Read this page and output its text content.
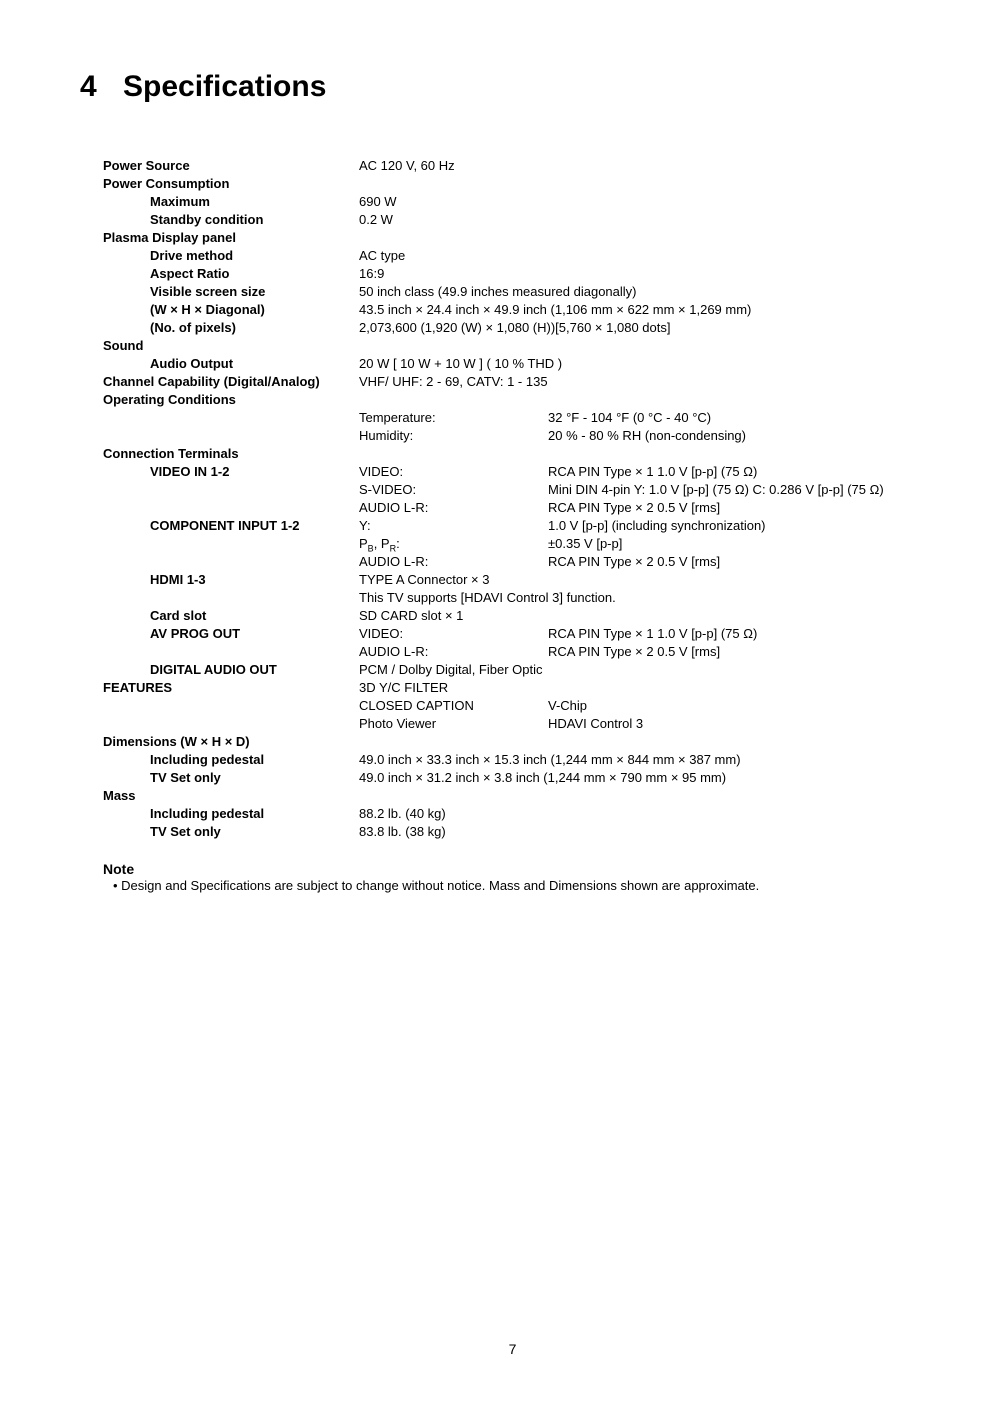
4 Specifications
Power Source	AC 120 V, 60 Hz
Power Consumption
Maximum	690 W
Standby condition	0.2 W
Plasma Display panel
Drive method	AC type
Aspect Ratio	16:9
Visible screen size	50 inch class (49.9 inches measured diagonally)
(W × H × Diagonal)	43.5 inch × 24.4 inch × 49.9 inch (1,106 mm × 622 mm × 1,269 mm)
(No. of pixels)	2,073,600 (1,920 (W) × 1,080 (H))[5,760 × 1,080 dots]
Sound
Audio Output	20 W [ 10 W + 10 W ] ( 10 % THD )
Channel Capability (Digital/Analog)	VHF/ UHF: 2 - 69, CATV: 1 - 135
Operating Conditions
Temperature:	32 °F - 104 °F (0 °C - 40 °C)
Humidity:	20 % - 80 % RH (non-condensing)
Connection Terminals
VIDEO IN 1-2	VIDEO:	RCA PIN Type × 1 1.0 V [p-p] (75 Ω)
S-VIDEO:	Mini DIN 4-pin Y: 1.0 V [p-p] (75 Ω) C: 0.286 V [p-p] (75 Ω)
AUDIO L-R:	RCA PIN Type × 2 0.5 V [rms]
COMPONENT INPUT 1-2	Y:	1.0 V [p-p] (including synchronization)
$P_B$, $P_R$:	±0.35 V [p-p]
AUDIO L-R:	RCA PIN Type × 2 0.5 V [rms]
HDMI 1-3	TYPE A Connector × 3
This TV supports [HDAVI Control 3] function.
Card slot	SD CARD slot × 1
AV PROG OUT	VIDEO:	RCA PIN Type × 1 1.0 V [p-p] (75 Ω)
AUDIO L-R:	RCA PIN Type × 2 0.5 V [rms]
DIGITAL AUDIO OUT	PCM / Dolby Digital, Fiber Optic
FEATURES	3D Y/C FILTER
CLOSED CAPTION	V-Chip
Photo Viewer	HDAVI Control 3
Dimensions (W × H × D)
Including pedestal	49.0 inch × 33.3 inch × 15.3 inch (1,244 mm × 844 mm × 387 mm)
TV Set only	49.0 inch × 31.2 inch × 3.8 inch (1,244 mm × 790 mm × 95 mm)
Mass
Including pedestal	88.2 lb. (40 kg)
TV Set only	83.8 lb. (38 kg)
Note
• Design and Specifications are subject to change without notice. Mass and Dimensions shown are approximate.
7
